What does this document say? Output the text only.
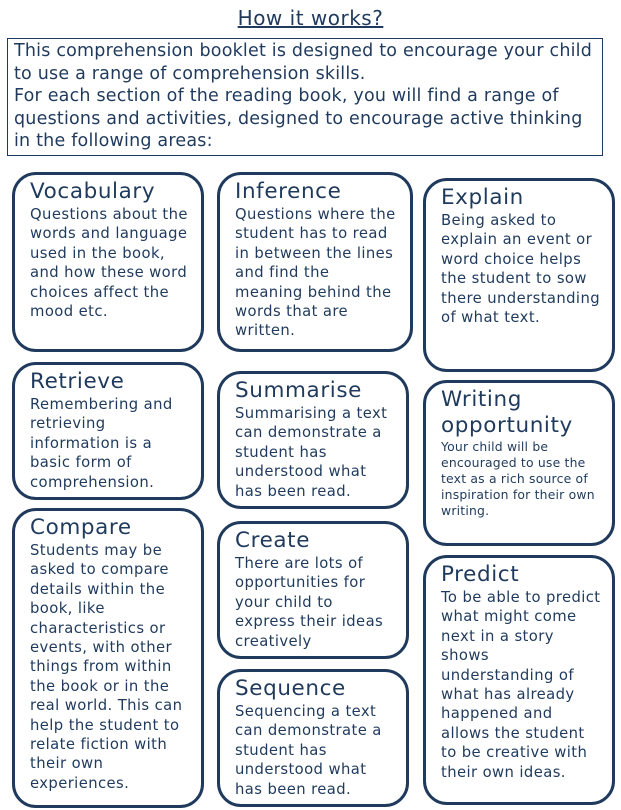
How it works?

This comprehension booklet is designed to encourage your child to use a range of comprehension skills.

For each section of the reading book, you will find a range of questions and activities, designed to encourage active thinking in the following areas:

Vocabulary

Questions about the words and language used in the book, and how these word choices affect the mood etc.

Inference

Questions where the student has to read in between the lines and find the meaning behind the words that are written.

Explain

Being asked to explain an event or word choice helps the student to sow there understanding of what text.

Retrieve

Remembering and retrieving information is a basic form of comprehension.

Summarise

Summarising a text can demonstrate a student has understood what has been read.

Writing opportunity

Your child will be encouraged to use the text as a rich source of inspiration for their own writing.

Compare

Students may be asked to compare details within the book, like characteristics or events, with other things from within the book or in the real world. This can help the student to relate fiction with their own experiences.

Create

There are lots of opportunities for your child to express their ideas creatively

Predict

To be able to predict what might come next in a story shows understanding of what has already happened and allows the student to be creative with their own ideas.

Sequence

Sequencing a text can demonstrate a student has understood what has been read.
